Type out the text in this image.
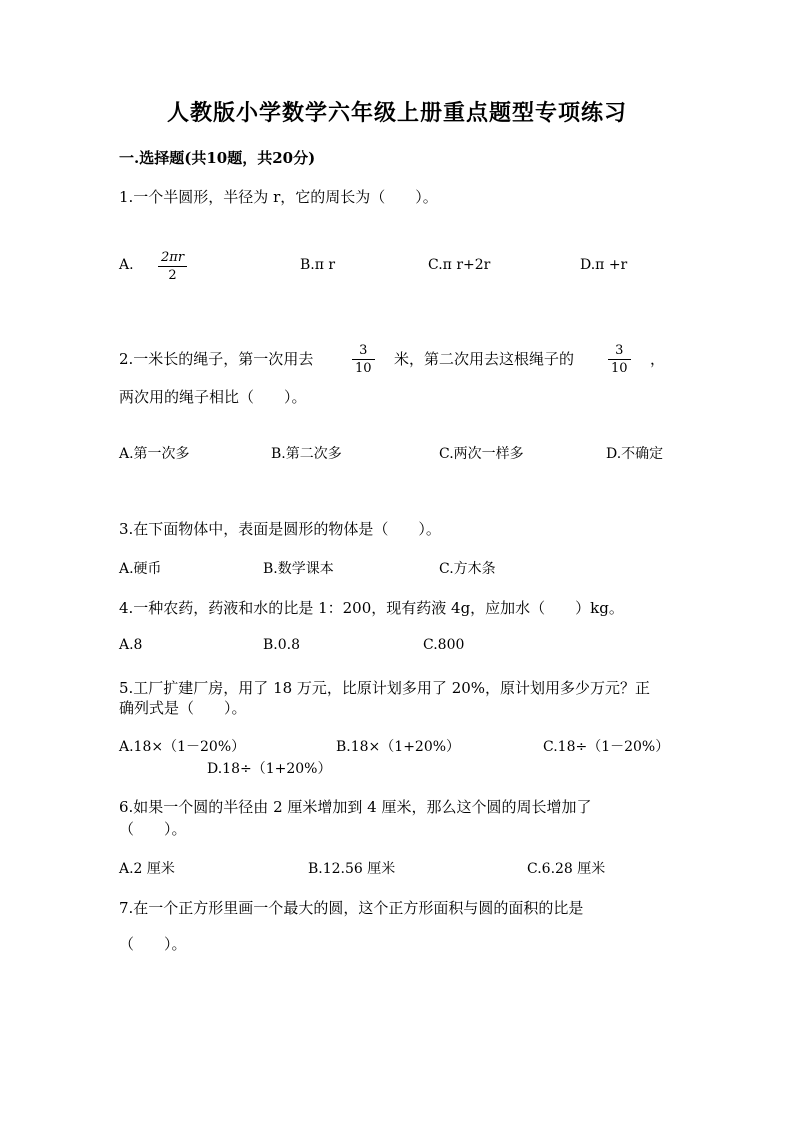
人教版小学数学六年级上册重点题型专项练习
一.选择题(共10题，共20分)
1.一个半圆形，半径为 r，它的周长为（　　）。
A. 2πr
2
B.π r	C.π r+2r	D.π +r
2.一米长的绳子，第一次用去	3
10
米，第二次用去这根绳子的	3
10
，
两次用的绳子相比（　　）。
A.第一次多	B.第二次多	C.两次一样多	D.不确定
3.在下面物体中，表面是圆形的物体是（　　）。
A.硬币	B.数学课本	C.方木条
4.一种农药，药液和水的比是 1：200，现有药液 4g，应加水（　　）kg。
A.8	B.0.8	C.800
5.工厂扩建厂房，用了 18 万元，比原计划多用了 20%，原计划用多少万元？正
确列式是（　　）。
A.18×（1－20%）	B.18×（1+20%）	C.18÷（1－20%）
D.18÷（1+20%）
6.如果一个圆的半径由 2 厘米增加到 4 厘米，那么这个圆的周长增加了
（　　）。
A.2 厘米	B.12.56 厘米	C.6.28 厘米
7.在一个正方形里画一个最大的圆，这个正方形面积与圆的面积的比是
（　　）。
